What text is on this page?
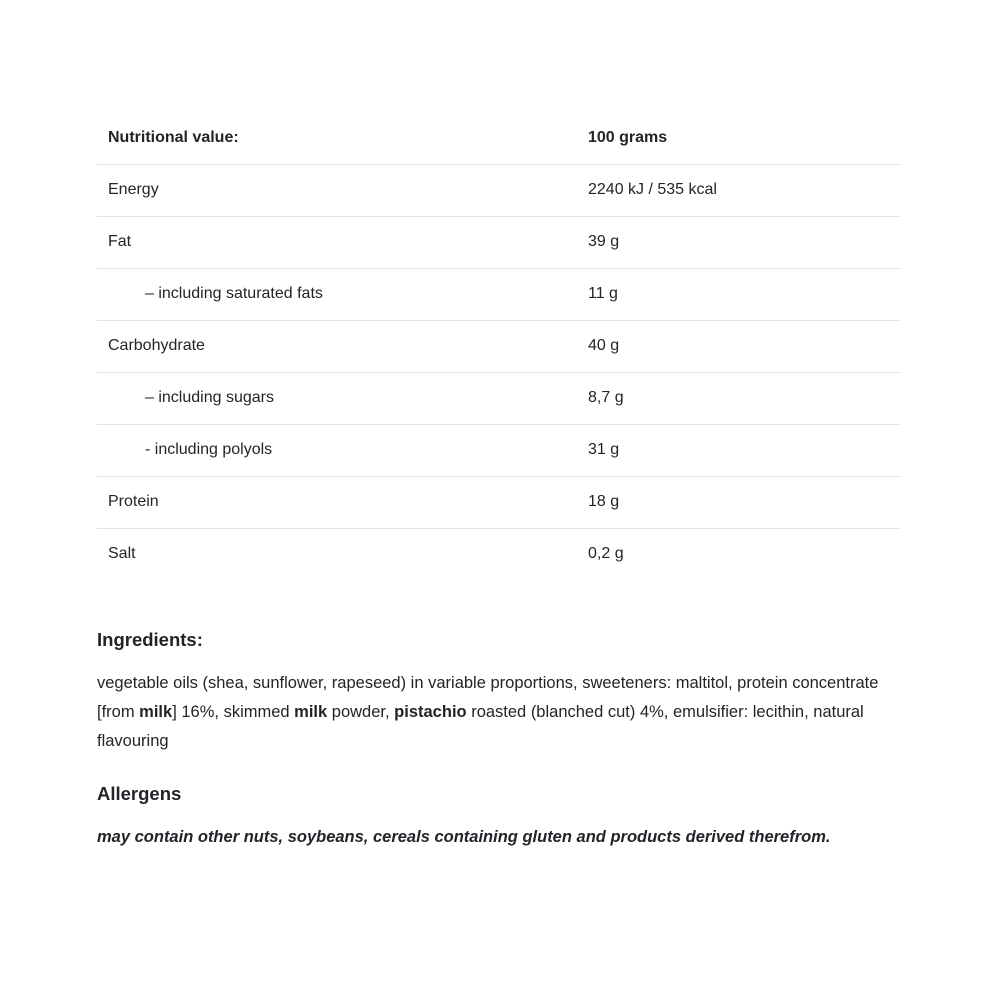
Nutritional value:	100 grams
Energy	2240 kJ / 535 kcal
Fat	39 g
– including saturated fats	11 g
Carbohydrate	40 g
– including sugars	8,7 g
- including polyols	31 g
Protein	18 g
Salt	0,2 g
Ingredients:

vegetable oils (shea, sunflower, rapeseed) in variable proportions, sweeteners: maltitol, protein concentrate [from milk] 16%, skimmed milk powder, pistachio roasted (blanched cut) 4%, emulsifier: lecithin, natural flavouring

Allergens

may contain other nuts, soybeans, cereals containing gluten and products derived therefrom.
